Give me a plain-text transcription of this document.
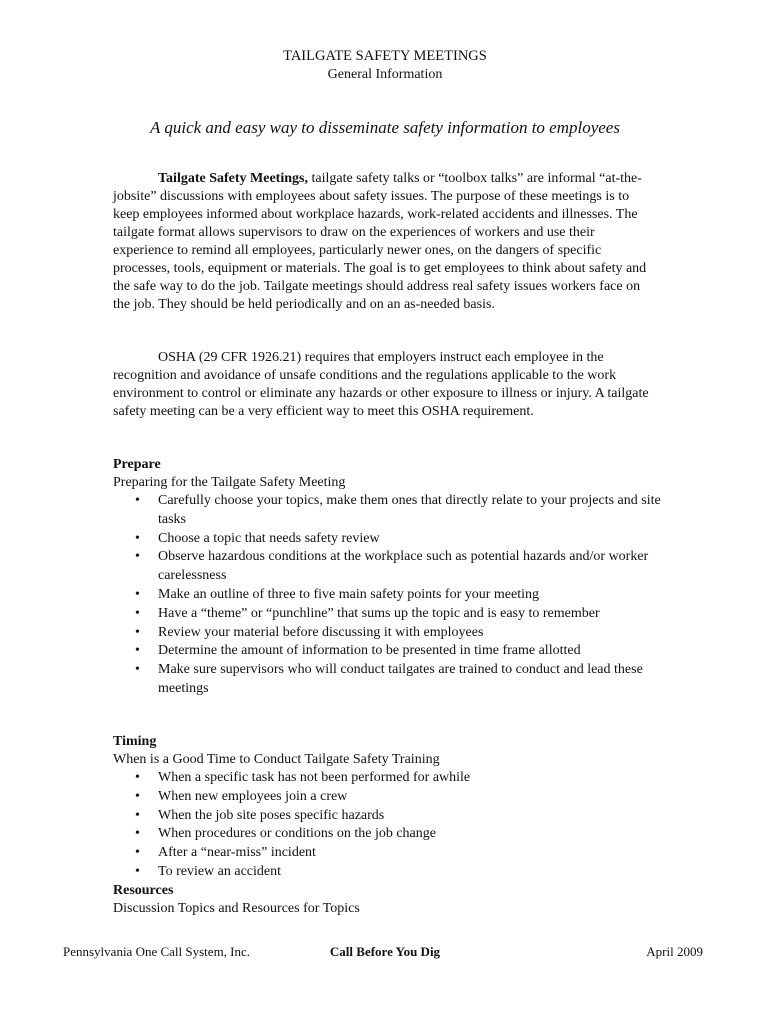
TAILGATE SAFETY MEETINGS
General Information
A quick and easy way to disseminate safety information to employees
Tailgate Safety Meetings, tailgate safety talks or “toolbox talks” are informal “at-the-jobsite” discussions with employees about safety issues. The purpose of these meetings is to keep employees informed about workplace hazards, work-related accidents and illnesses. The tailgate format allows supervisors to draw on the experiences of workers and use their experience to remind all employees, particularly newer ones, on the dangers of specific processes, tools, equipment or materials. The goal is to get employees to think about safety and the safe way to do the job. Tailgate meetings should address real safety issues workers face on the job. They should be held periodically and on an as-needed basis.
OSHA (29 CFR 1926.21) requires that employers instruct each employee in the recognition and avoidance of unsafe conditions and the regulations applicable to the work environment to control or eliminate any hazards or other exposure to illness or injury. A tailgate safety meeting can be a very efficient way to meet this OSHA requirement.
Prepare
Preparing for the Tailgate Safety Meeting
• Carefully choose your topics, make them ones that directly relate to your projects and site tasks
• Choose a topic that needs safety review
• Observe hazardous conditions at the workplace such as potential hazards and/or worker carelessness
• Make an outline of three to five main safety points for your meeting
• Have a “theme” or “punchline” that sums up the topic and is easy to remember
• Review your material before discussing it with employees
• Determine the amount of information to be presented in time frame allotted
• Make sure supervisors who will conduct tailgates are trained to conduct and lead these meetings
Timing
When is a Good Time to Conduct Tailgate Safety Training
• When a specific task has not been performed for awhile
• When new employees join a crew
• When the job site poses specific hazards
• When procedures or conditions on the job change
• After a “near-miss” incident
• To review an accident
Resources
Discussion Topics and Resources for Topics
Pennsylvania One Call System, Inc.	Call Before You Dig	April 2009
